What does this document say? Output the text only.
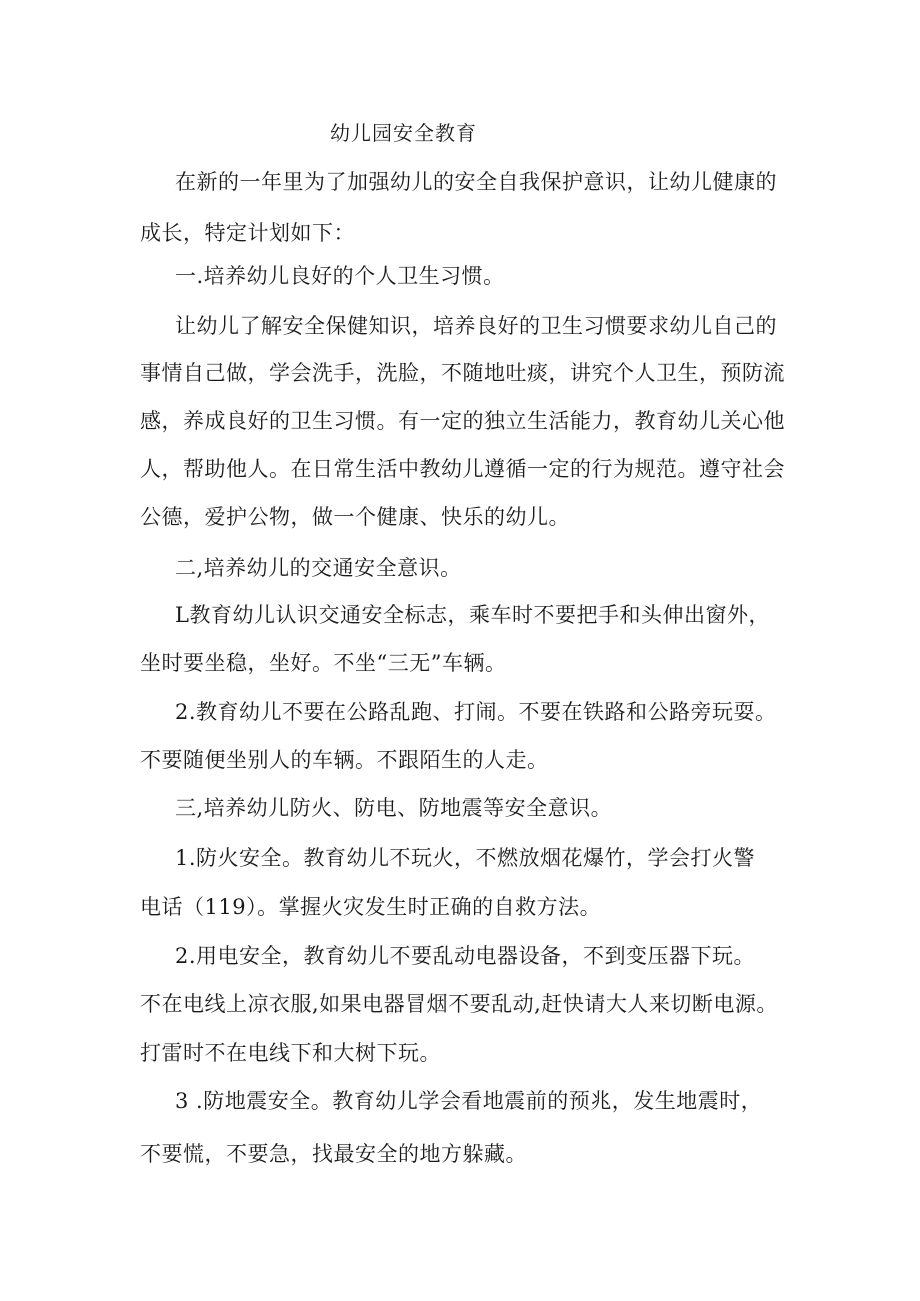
幼儿园安全教育
在新的一年里为了加强幼儿的安全自我保护意识，让幼儿健康的
成长，特定计划如下：
一.培养幼儿良好的个人卫生习惯。
让幼儿了解安全保健知识，培养良好的卫生习惯要求幼儿自己的
事情自己做，学会洗手，洗脸，不随地吐痰，讲究个人卫生，预防流
感，养成良好的卫生习惯。有一定的独立生活能力，教育幼儿关心他
人，帮助他人。在日常生活中教幼儿遵循一定的行为规范。遵守社会
公德，爱护公物，做一个健康、快乐的幼儿。
二,培养幼儿的交通安全意识。
L教育幼儿认识交通安全标志，乘车时不要把手和头伸出窗外，
坐时要坐稳，坐好。不坐“三无”车辆。
2.教育幼儿不要在公路乱跑、打闹。不要在铁路和公路旁玩耍。
不要随便坐别人的车辆。不跟陌生的人走。
三,培养幼儿防火、防电、防地震等安全意识。
1.防火安全。教育幼儿不玩火，不燃放烟花爆竹，学会打火警
电话（119）。掌握火灾发生时正确的自救方法。
2.用电安全，教育幼儿不要乱动电器设备，不到变压器下玩。
不在电线上凉衣服,如果电器冒烟不要乱动,赶快请大人来切断电源。
打雷时不在电线下和大树下玩。
3 .防地震安全。教育幼儿学会看地震前的预兆，发生地震时，
不要慌，不要急，找最安全的地方躲藏。
